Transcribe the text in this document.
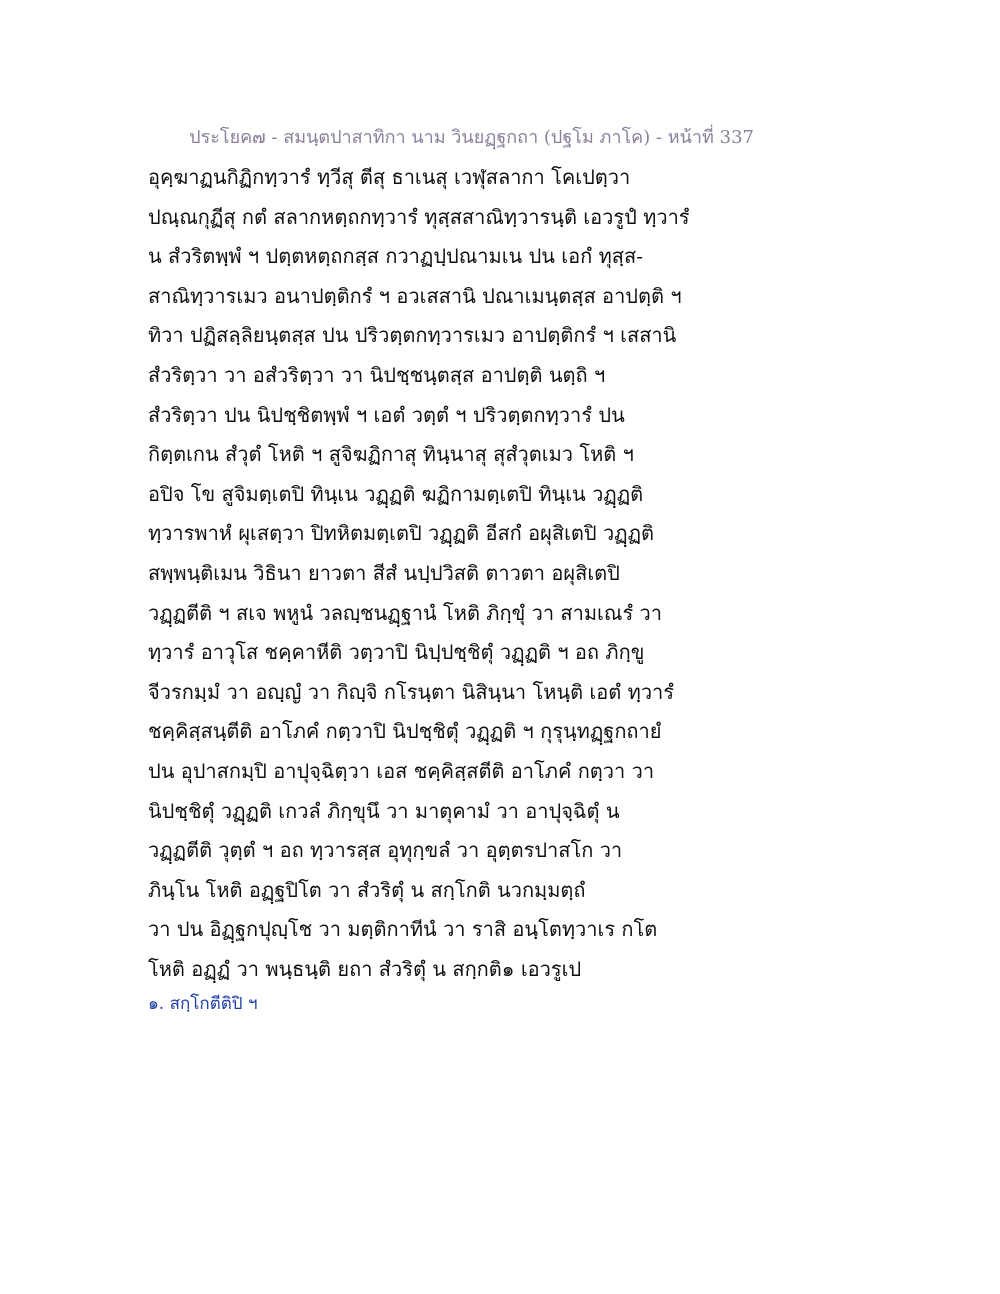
ประโยค๗ - สมนฺตปาสาทิกา นาม วินยฏฺฐกถา (ปฐโม ภาโค) - หน้าที่ 337
อุคฺฆาฏนกิฏิกทฺวารํ ทฺวีสุ ตีสุ ธาเนสุ เวฬุสลากา โคเปตฺวา
ปณฺณกุฏีสุ กตํ สลากหตฺถกทฺวารํ ทุสฺสสาณิทฺวารนฺติ เอวรูปํ ทฺวารํ
น สํวริตพฺพํ ฯ ปตฺตหตฺถกสฺส กวาฏปฺปณามเน ปน เอกํ ทุสฺส-
สาณิทฺวารเมว อนาปตฺติกรํ ฯ อวเสสานิ ปณาเมนฺตสฺส อาปตฺติ ฯ
ทิวา ปฏิสลฺลิยนฺตสฺส ปน ปริวตฺตกทฺวารเมว อาปตฺติกรํ ฯ เสสานิ
สํวริตฺวา วา อสํวริตฺวา วา นิปชฺชนฺตสฺส อาปตฺติ นตฺถิ ฯ
สํวริตฺวา ปน นิปชฺชิตพฺพํ ฯ เอตํ วตฺตํ ฯ ปริวตฺตกทฺวารํ ปน
กิตฺตเกน สํวุตํ โหติ ฯ สูจิฆฏิกาสุ ทินฺนาสุ สุสํวุตเมว โหติ ฯ
อปิจ โข สูจิมตฺเตปิ ทินฺเน วฏฺฏติ ฆฏิกามตฺเตปิ ทินฺเน วฏฺฏติ
ทฺวารพาหํ ผุเสตฺวา ปิทหิตมตฺเตปิ วฏฺฏติ อีสกํ อผุสิเตปิ วฏฺฏติ
สพฺพนฺติเมน วิธินา ยาวตา สีสํ นปฺปวิสติ ตาวตา อผุสิเตปิ
วฏฺฏตีติ ฯ สเจ พหูนํ วลญฺชนฏฺฐานํ โหติ ภิกฺขุํ วา สามเณรํ วา
ทฺวารํ อาวุโส ชคฺคาหีติ วตฺวาปิ นิปฺปชฺชิตุํ วฏฺฏติ ฯ อถ ภิกฺขู
จีวรกมฺมํ วา อญฺญํ วา กิญฺจิ กโรนฺตา นิสินฺนา โหนฺติ เอตํ ทฺวารํ
ชคฺคิสฺสนฺตีติ อาโภคํ กตฺวาปิ นิปชฺชิตุํ วฏฺฏติ ฯ กุรุนฺทฏฺฐกถายํ
ปน อุปาสกมฺปิ อาปุจฺฉิตฺวา เอส ชคฺคิสฺสตีติ อาโภคํ กตฺวา วา
นิปชฺชิตุํ วฏฺฏติ เกวลํ ภิกฺขุนึ วา มาตุคามํ วา อาปุจฺฉิตุํ น
วฏฺฏตีติ วุตฺตํ ฯ อถ ทฺวารสฺส อุทุกฺขลํ วา อุตฺตรปาสโก วา
ภินฺโน โหติ อฏฺฐปิโต วา สํวริตุํ น สกฺโกติ นวกมฺมตฺถํ
วา ปน อิฏฺฐกปุญฺโช วา มตฺติกาทีนํ วา ราสิ อนฺโตทฺวาเร กโต
โหติ อฏฺฏํ วา พนฺธนฺติ ยถา สํวริตุํ น สกฺกติ๑ เอวรูเป
๑. สกฺโกตีติปิ ฯ
